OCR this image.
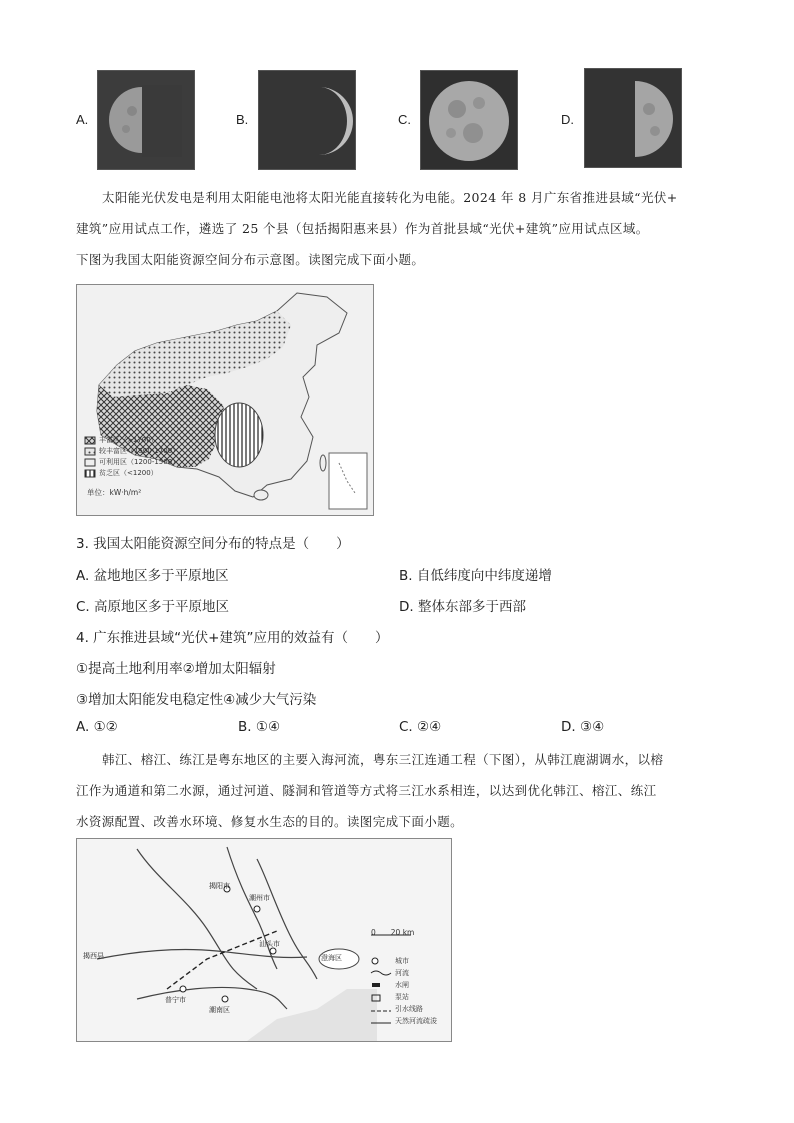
A.	B.	C.	D.
太阳能光伏发电是利用太阳能电池将太阳光能直接转化为电能。2024 年 8 月广东省推进县域“光伏+
建筑”应用试点工作，遴选了 25 个县（包括揭阳惠来县）作为首批县域“光伏+建筑”应用试点区域。
下图为我国太阳能资源空间分布示意图。读图完成下面小题。
丰富区（>1700）
较丰富区（1500-1700）
可利用区（1200-1500）
贫乏区（<1200）
单位：kW·h/m²
3. 我国太阳能资源空间分布的特点是（　　）
A. 盆地地区多于平原地区	B. 自低纬度向中纬度递增
C. 高原地区多于平原地区	D. 整体东部多于西部
4. 广东推进县域“光伏+建筑”应用的效益有（　　）
①提高土地利用率②增加太阳辐射
③增加太阳能发电稳定性④减少大气污染
A. ①②	B. ①④	C. ②④	D. ③④
韩江、榕江、练江是粤东地区的主要入海河流，粤东三江连通工程（下图），从韩江鹿湖调水，以榕
江作为通道和第二水源，通过河道、隧洞和管道等方式将三江水系相连，以达到优化韩江、榕江、练江
水资源配置、改善水环境、修复水生态的目的。读图完成下面小题。
0　　20 km
城市
河流
水闸
泵站
引水线路
天然河流疏浚
揭阳市
潮州市
汕头市
普宁市
潮南区
揭西县	澄海区
